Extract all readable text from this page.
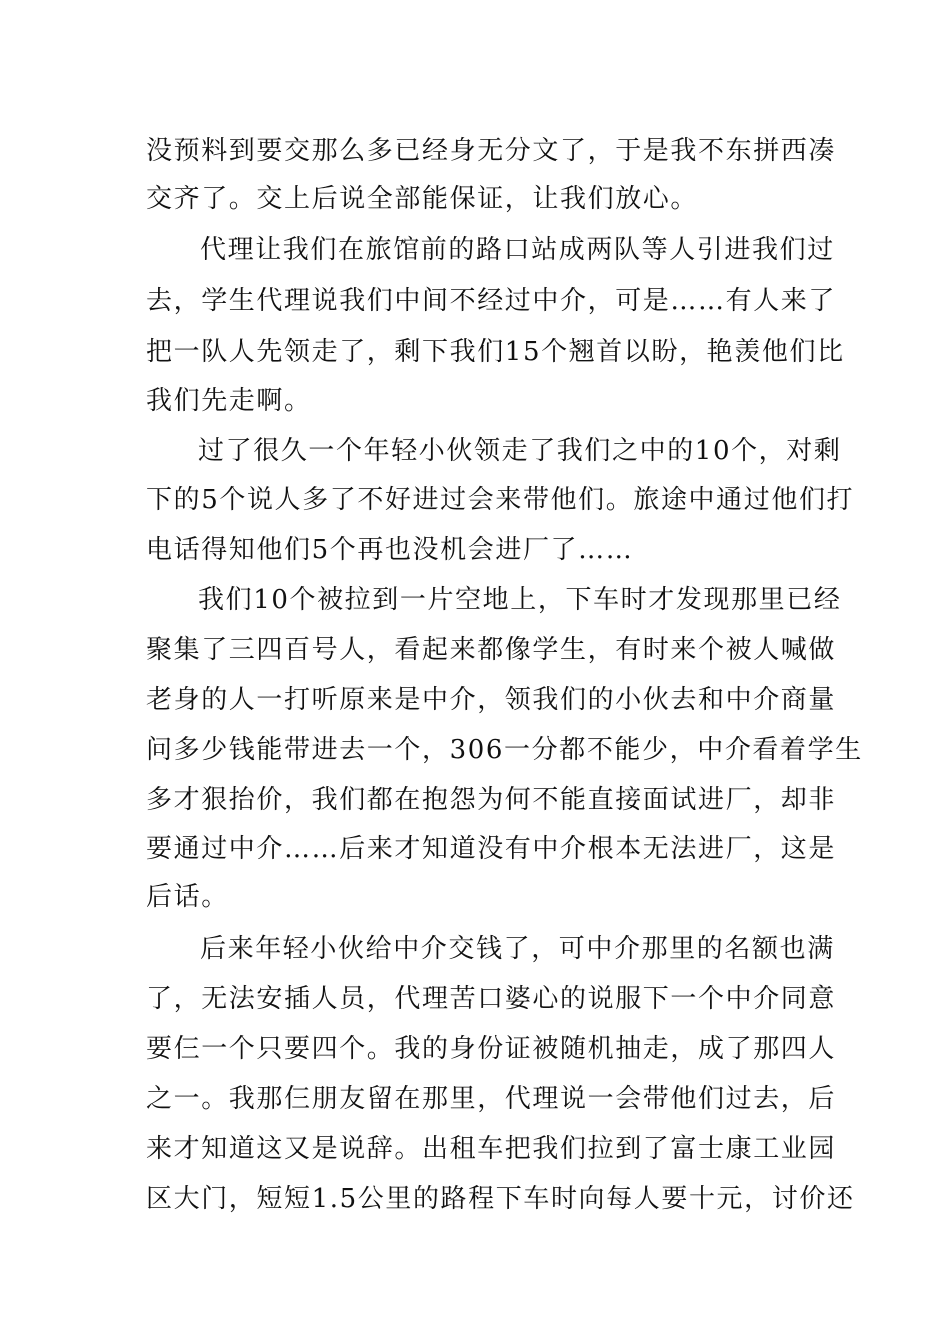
没预料到要交那么多已经身无分文了，于是我不东拼西凑
交齐了。交上后说全部能保证，让我们放心。
代理让我们在旅馆前的路口站成两队等人引进我们过
去，学生代理说我们中间不经过中介，可是……有人来了
把一队人先领走了，剩下我们15个翘首以盼，艳羡他们比
我们先走啊。
过了很久一个年轻小伙领走了我们之中的10个，对剩
下的5个说人多了不好进过会来带他们。旅途中通过他们打
电话得知他们5个再也没机会进厂了……
我们10个被拉到一片空地上，下车时才发现那里已经
聚集了三四百号人，看起来都像学生，有时来个被人喊做
老身的人一打听原来是中介，领我们的小伙去和中介商量
问多少钱能带进去一个，306一分都不能少，中介看着学生
多才狠抬价，我们都在抱怨为何不能直接面试进厂，却非
要通过中介……后来才知道没有中介根本无法进厂，这是
后话。
后来年轻小伙给中介交钱了，可中介那里的名额也满
了，无法安插人员，代理苦口婆心的说服下一个中介同意
要仨一个只要四个。我的身份证被随机抽走，成了那四人
之一。我那仨朋友留在那里，代理说一会带他们过去，后
来才知道这又是说辞。出租车把我们拉到了富士康工业园
区大门，短短1.5公里的路程下车时向每人要十元，讨价还
